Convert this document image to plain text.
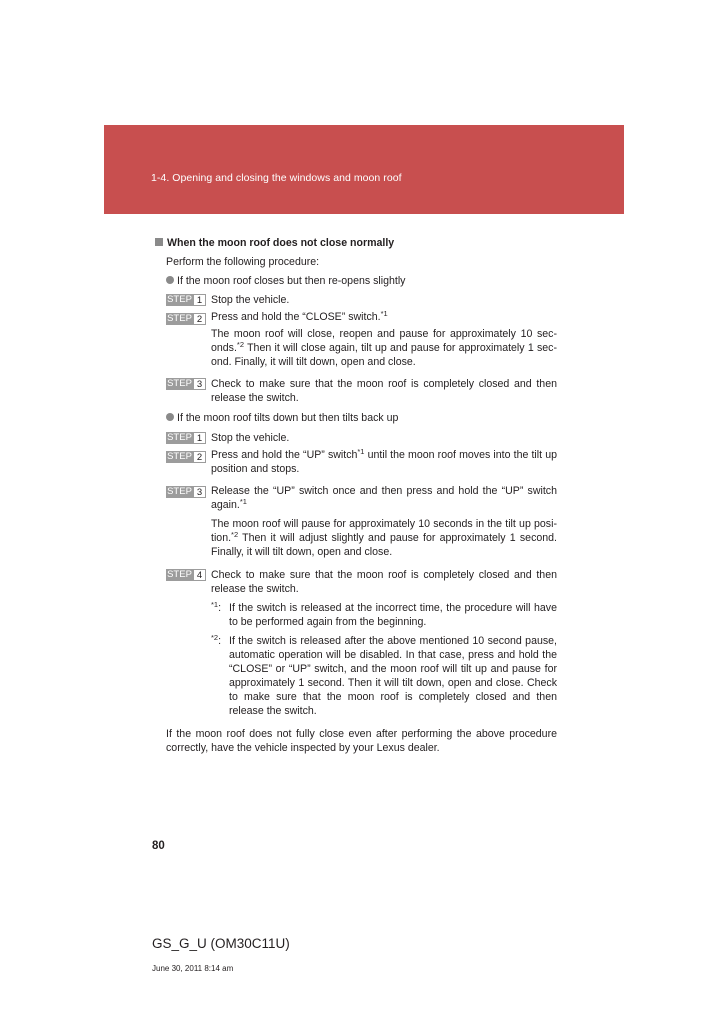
1-4. Opening and closing the windows and moon roof
When the moon roof does not close normally
Perform the following procedure:
If the moon roof closes but then re-opens slightly
STEP 1 Stop the vehicle.
STEP 2 Press and hold the “CLOSE” switch.$^{*1}$
The moon roof will close, reopen and pause for approximately 10 sec-onds.$^{*2}$ Then it will close again, tilt up and pause for approximately 1 sec-ond. Finally, it will tilt down, open and close.
STEP 3 Check to make sure that the moon roof is completely closed and then release the switch.
If the moon roof tilts down but then tilts back up
STEP 1 Stop the vehicle.
STEP 2 Press and hold the “UP” switch$^{*1}$ until the moon roof moves into the tilt up position and stops.
STEP 3 Release the “UP” switch once and then press and hold the “UP” switch again.$^{*1}$
The moon roof will pause for approximately 10 seconds in the tilt up posi-tion.$^{*2}$ Then it will adjust slightly and pause for approximately 1 second. Finally, it will tilt down, open and close.
STEP 4 Check to make sure that the moon roof is completely closed and then release the switch.
$^{*1}$: If the switch is released at the incorrect time, the procedure will have to be performed again from the beginning.
$^{*2}$: If the switch is released after the above mentioned 10 second pause, automatic operation will be disabled. In that case, press and hold the “CLOSE” or “UP” switch, and the moon roof will tilt up and pause for approximately 1 second. Then it will tilt down, open and close. Check to make sure that the moon roof is completely closed and then release the switch.
If the moon roof does not fully close even after performing the above procedure correctly, have the vehicle inspected by your Lexus dealer.
80
GS_G_U (OM30C11U)
June 30, 2011 8:14 am
